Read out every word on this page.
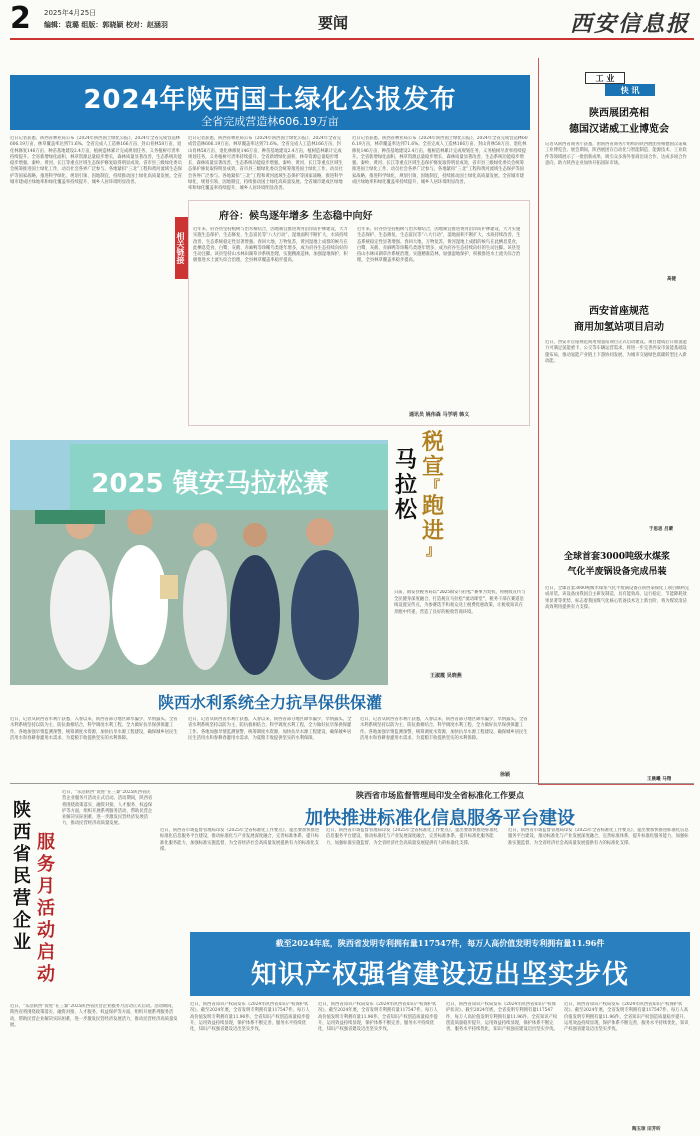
2 2025年4月25日
编辑：袁璐 组版：郭晓颖 校对：赵涵羽	要闻	西安信息报
2024年陕西国土绿化公报发布
全省完成营造林606.19万亩
近日记者获悉，陕西省林业局公布《2024年陕西国土绿化公报》，2024年全省完成营造林606.19万亩，林草覆盖率达到71.6%。全省完成人工造林166万亩、封山育林58万亩、退化林修复146万亩、种苗基地建设2.4万亩，植树造林累计完成规划任务，义务植树尽责率持续提升。全省新增绿化面积，林草资源总量稳步增长，森林质量显著改善，生态系统功能稳步增强。秦岭、黄河、长江等重点区域生态保护修复取得明显成效，省市县三级绿化委员会统筹推进国土绿化工作，动员社会各界广泛参与。各地紧扣“三北”工程和黄河流域生态保护等国家战略，推进科学绿化、规划引领、因地制宜，持续推动国土绿化高质量发展。全省城市建成区绿地率和绿化覆盖率持续提升，城乡人居环境明显改善。
近日记者获悉，陕西省林业局公布《2024年陕西国土绿化公报》，2024年全省完成营造林606.19万亩，林草覆盖率达到71.6%。全省完成人工造林166万亩、封山育林58万亩、退化林修复146万亩、种苗基地建设2.4万亩，植树造林累计完成规划任务，义务植树尽责率持续提升。全省新增绿化面积，林草资源总量稳步增长，森林质量显著改善，生态系统功能稳步增强。秦岭、黄河、长江等重点区域生态保护修复取得明显成效，省市县三级绿化委员会统筹推进国土绿化工作，动员社会各界广泛参与。各地紧扣“三北”工程和黄河流域生态保护等国家战略，推进科学绿化、规划引领、因地制宜，持续推动国土绿化高质量发展。全省城市建成区绿地率和绿化覆盖率持续提升，城乡人居环境明显改善。
近日记者获悉，陕西省林业局公布《2024年陕西国土绿化公报》，2024年全省完成营造林606.19万亩，林草覆盖率达到71.6%。全省完成人工造林166万亩、封山育林58万亩、退化林修复146万亩、种苗基地建设2.4万亩，植树造林累计完成规划任务，义务植树尽责率持续提升。全省新增绿化面积，林草资源总量稳步增长，森林质量显著改善，生态系统功能稳步增强。秦岭、黄河、长江等重点区域生态保护修复取得明显成效，省市县三级绿化委员会统筹推进国土绿化工作，动员社会各界广泛参与。各地紧扣“三北”工程和黄河流域生态保护等国家战略，推进科学绿化、规划引领、因地制宜，持续推动国土绿化高质量发展。全省城市建成区绿地率和绿化覆盖率持续提升，城乡人居环境明显改善。
相关链接
府谷：候鸟逐年增多 生态稳中向好
近年来，府谷县坚持植树与治水相结合，因地制宜推进黄河沿岸防护林建设，大力实施生态保护、生态修复、生态富民等“八大行动”，湿地面积不断扩大，水质持续改善，生态系统稳定性显著增强。春回大地，万物复苏，黄河湿地上成群的候鸟在此栖息觅食，白鹭、灰鹤、赤麻鸭等珍稀鸟类逐年增多，成为府谷生态持续向好的生动注脚。该县坚持山水林田湖草沙系统治理，实施精准造林，加强湿地保护，积极推进水土流失综合治理，全县林草覆盖率稳步提高。
近年来，府谷县坚持植树与治水相结合，因地制宜推进黄河沿岸防护林建设，大力实施生态保护、生态修复、生态富民等“八大行动”，湿地面积不断扩大，水质持续改善，生态系统稳定性显著增强。春回大地，万物复苏，黄河湿地上成群的候鸟在此栖息觅食，白鹭、灰鹤、赤麻鸭等珍稀鸟类逐年增多，成为府谷生态持续向好的生动注脚。该县坚持山水林田湖草沙系统治理，实施精准造林，加强湿地保护，积极推进水土流失综合治理，全县林草覆盖率稳步提高。
通讯员 姚伟森 马学明 韩义
2025 镇安马拉松赛
马
拉
松
税
宣
『
跑
进
』
日前，镇安县税务局以“2025镇安马拉松”赛事为契机，将税收宣传与全民健身深度融合，打造税宣马拉松“流动课堂”，税务干部在赛道沿线设置宣传点，为参赛选手和观众送上税费优惠政策，让税收知识在奔跑中传递，营造了良好的税收营商环境。
王淑霞 吴晓燕
陕西水利系统全力抗旱保供保灌
近日，记者从陕西省水利厅获悉，入春以来，陕西省部分地区降水偏少，旱情露头。全省水利系统坚持以防为主、防抗救相结合，科学调度水利工程，全力做好抗旱保供保灌工作。各地加强旱情监测预警，统筹调度水资源，加快抗旱水源工程建设，确保城乡居民生活用水和春耕春灌用水需求，为夏粮丰收提供坚实的水利保障。
近日，记者从陕西省水利厅获悉，入春以来，陕西省部分地区降水偏少，旱情露头。全省水利系统坚持以防为主、防抗救相结合，科学调度水利工程，全力做好抗旱保供保灌工作。各地加强旱情监测预警，统筹调度水资源，加快抗旱水源工程建设，确保城乡居民生活用水和春耕春灌用水需求，为夏粮丰收提供坚实的水利保障。
近日，记者从陕西省水利厅获悉，入春以来，陕西省部分地区降水偏少，旱情露头。全省水利系统坚持以防为主、防抗救相结合，科学调度水利工程，全力做好抗旱保供保灌工作。各地加强旱情监测预警，统筹调度水资源，加快抗旱水源工程建设，确保城乡居民生活用水和春耕春灌用水需求，为夏粮丰收提供坚实的水利保障。
徐颖
陕
西
省
民
营
企
业
服
务
月
活
动
启
动
近日，“乐活陕西”促进“在三秦”2025陕西省民营企业服务月活动正式启动。活动期间，陕西省将围绕政策落实、融资对接、人才服务、权益保护等方面，组织开展系列服务活动，帮助民营企业解决实际困难，进一步激发民营经济发展活力，推动民营经济高质量发展。
近日，“乐活陕西”促进“在三秦”2025陕西省民营企业服务月活动正式启动。活动期间，陕西省将围绕政策落实、融资对接、人才服务、权益保护等方面，组织开展系列服务活动，帮助民营企业解决实际困难，进一步激发民营经济发展活力，推动民营经济高质量发展。
陕西省市场监督管理局印发全省标准化工作要点
加快推进标准化信息服务平台建设
近日，陕西省市场监督管理局印发《2025年全省标准化工作要点》，提出要加快推进标准化信息服务平台建设，推动标准化与产业发展深度融合，完善标准体系，提升标准化服务能力，加强标准实施监督，为全省经济社会高质量发展提供有力的标准化支撑。
近日，陕西省市场监督管理局印发《2025年全省标准化工作要点》，提出要加快推进标准化信息服务平台建设，推动标准化与产业发展深度融合，完善标准体系，提升标准化服务能力，加强标准实施监督，为全省经济社会高质量发展提供有力的标准化支撑。
近日，陕西省市场监督管理局印发《2025年全省标准化工作要点》，提出要加快推进标准化信息服务平台建设，推动标准化与产业发展深度融合，完善标准体系，提升标准化服务能力，加强标准实施监督，为全省经济社会高质量发展提供有力的标准化支撑。
截至2024年底，陕西省发明专利拥有量117547件，每万人高价值发明专利拥有量11.96件
知识产权强省建设迈出坚实步伐
近日，陕西省知识产权局发布《2024年陕西省知识产权保护状况》。截至2024年底，全省发明专利拥有量117547件，每万人高价值发明专利拥有量11.96件。全省知识产权创造质量稳步提升，运用效益持续显现，保护体系不断完善，服务水平持续优化，知识产权强省建设迈出坚实步伐。
近日，陕西省知识产权局发布《2024年陕西省知识产权保护状况》。截至2024年底，全省发明专利拥有量117547件，每万人高价值发明专利拥有量11.96件。全省知识产权创造质量稳步提升，运用效益持续显现，保护体系不断完善，服务水平持续优化，知识产权强省建设迈出坚实步伐。
近日，陕西省知识产权局发布《2024年陕西省知识产权保护状况》。截至2024年底，全省发明专利拥有量117547件，每万人高价值发明专利拥有量11.96件。全省知识产权创造质量稳步提升，运用效益持续显现，保护体系不断完善，服务水平持续优化，知识产权强省建设迈出坚实步伐。
近日，陕西省知识产权局发布《2024年陕西省知识产权保护状况》。截至2024年底，全省发明专利拥有量117547件，每万人高价值发明专利拥有量11.96件。全省知识产权创造质量稳步提升，运用效益持续显现，保护体系不断完善，服务水平持续优化，知识产权强省建设迈出坚实步伐。
陶玉琼 田芳昕
工 业
快 讯
陕西展团亮相
德国汉诺威工业博览会
记者从陕西省商务厅获悉，由陕西省商务厅组织的陕西展团亮相德国汉诺威工业博览会。展会期间，陕西展团在自动化与智能制造、能源技术、工业软件等领域展示了一批创新成果，吸引众多海外客商洽谈合作，达成多项合作意向，助力陕西企业加快开拓国际市场。
高健
西安首座规范
商用加氢站项目启动
近日，西安市首座规范商用加氢站项目正式启动建设。项目建成后日加氢能力可满足氢能重卡、公交等车辆运营需求，将进一步完善西安市氢能基础设施布局，推动氢能产业链上下游协同发展，为城市交通绿色低碳转型注入新动能。
于思思 吕蒙
全球首套3000吨级水煤浆
气化半废锅设备完成吊装
近日，全球首套3000吨级水煤浆气化半废锅设备在陕西某煤化工项目顺利完成吊装。该设备由我国自主研发制造，具有能效高、运行稳定、节能降耗效果显著等优势，标志着我国煤气化核心装备技术迈上新台阶，将为煤炭清洁高效利用提供有力支撑。
王晨曦 马翔
